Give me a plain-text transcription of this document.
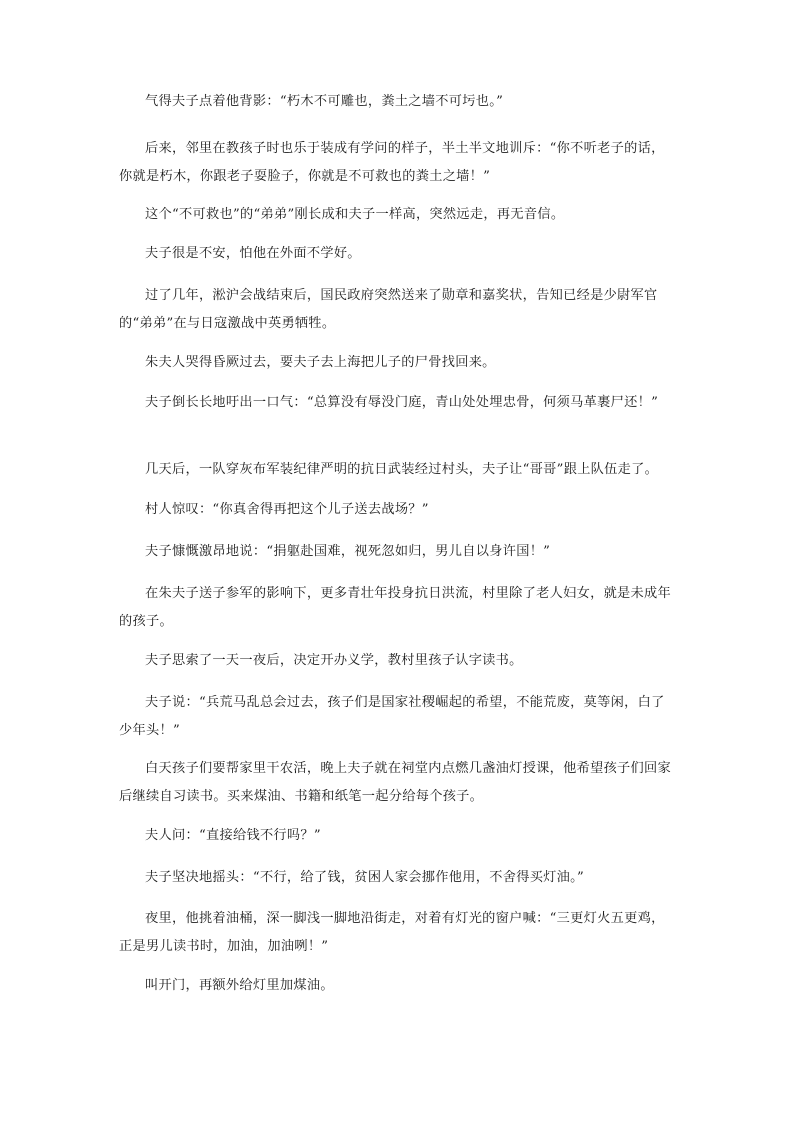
气得夫子点着他背影：“朽木不可雕也，粪土之墙不可圬也。”

后来，邻里在教孩子时也乐于装成有学问的样子，半土半文地训斥：“你不听老子的话，你就是朽木，你跟老子耍脸子，你就是不可救也的粪土之墙！”

这个“不可救也”的“弟弟”刚长成和夫子一样高，突然远走，再无音信。

夫子很是不安，怕他在外面不学好。

过了几年，淞沪会战结束后，国民政府突然送来了勋章和嘉奖状，告知已经是少尉军官的“弟弟”在与日寇激战中英勇牺牲。

朱夫人哭得昏厥过去，要夫子去上海把儿子的尸骨找回来。

夫子倒长长地吁出一口气：“总算没有辱没门庭，青山处处埋忠骨，何须马革裹尸还！”

几天后，一队穿灰布军装纪律严明的抗日武装经过村头，夫子让“哥哥”跟上队伍走了。

村人惊叹：“你真舍得再把这个儿子送去战场？”

夫子慷慨激昂地说：“捐躯赴国难，视死忽如归，男儿自以身许国！”

在朱夫子送子参军的影响下，更多青壮年投身抗日洪流，村里除了老人妇女，就是未成年的孩子。

夫子思索了一天一夜后，决定开办义学，教村里孩子认字读书。

夫子说：“兵荒马乱总会过去，孩子们是国家社稷崛起的希望，不能荒废，莫等闲，白了少年头！”

白天孩子们要帮家里干农活，晚上夫子就在祠堂内点燃几盏油灯授课，他希望孩子们回家后继续自习读书。买来煤油、书籍和纸笔一起分给每个孩子。

夫人问：“直接给钱不行吗？”

夫子坚决地摇头：“不行，给了钱，贫困人家会挪作他用，不舍得买灯油。”

夜里，他挑着油桶，深一脚浅一脚地沿街走，对着有灯光的窗户喊：“三更灯火五更鸡，正是男儿读书时，加油，加油咧！”

叫开门，再额外给灯里加煤油。
